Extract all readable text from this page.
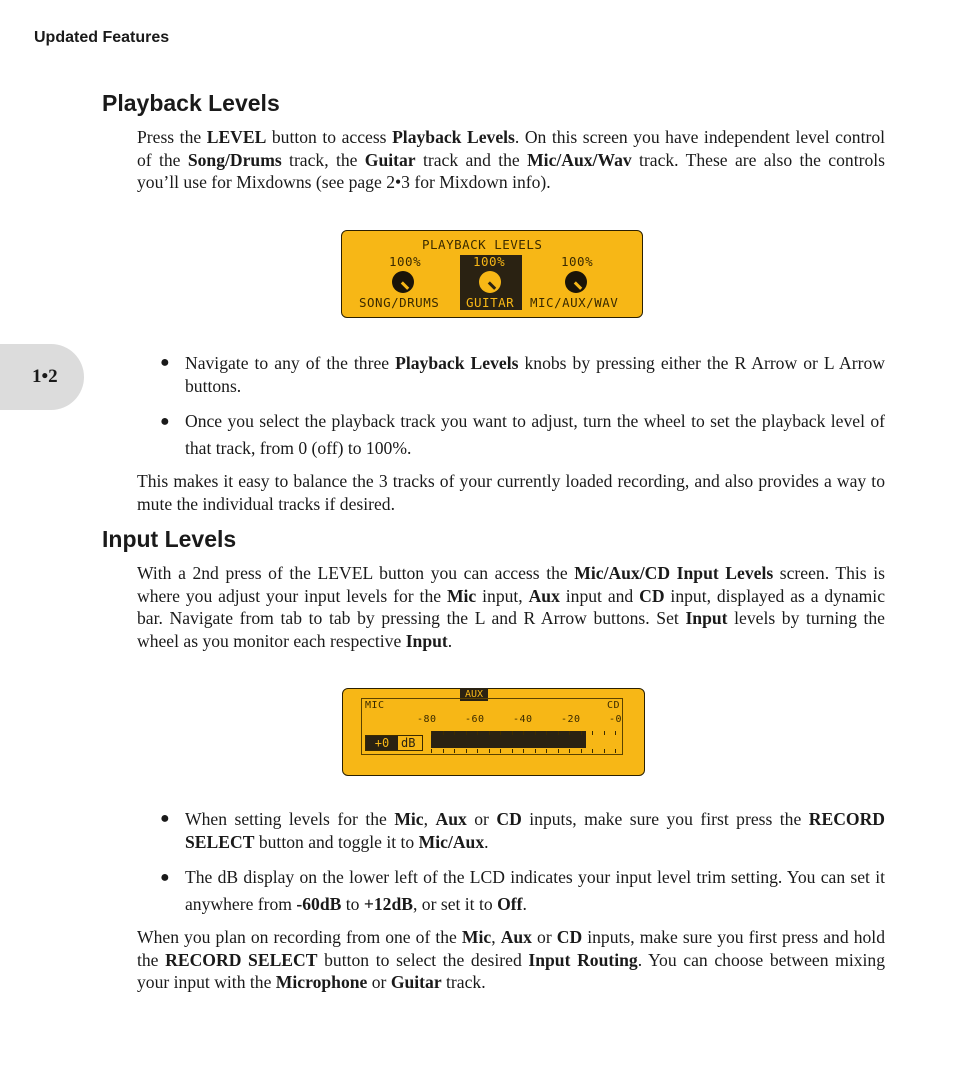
Updated Features
1•2
Playback Levels

Press the LEVEL button to access Playback Levels. On this screen you have independent level control of the Song/Drums track, the Guitar track and the Mic/Aux/Wav track. These are also the controls you’ll use for Mixdowns (see page 2•3 for Mixdown info).

PLAYBACK LEVELS
100%	100%	100%
SONG/DRUMS GUITAR MIC/AUX/WAV
● Navigate to any of the three Playback Levels knobs by pressing either the R Arrow or L Arrow buttons.
● Once you select the playback track you want to adjust, turn the wheel to set the playback level of that track, from 0 (off) to 100%.

This makes it easy to balance the 3 tracks of your currently loaded recording, and also provides a way to mute the individual tracks if desired.

Input Levels

With a 2nd press of the LEVEL button you can access the Mic/Aux/CD Input Levels screen. This is where you adjust your input levels for the Mic input, Aux input and CD input, displayed as a dynamic bar. Navigate from tab to tab by pressing the L and R Arrow buttons. Set Input levels by turning the wheel as you monitor each respective Input.

MIC
AUX
CD
-80	-60	-40	-20	-0
+0 dB
● When setting levels for the Mic, Aux or CD inputs, make sure you first press the RECORD SELECT button and toggle it to Mic/Aux.
● The dB display on the lower left of the LCD indicates your input level trim setting. You can set it anywhere from -60dB to +12dB, or set it to Off.

When you plan on recording from one of the Mic, Aux or CD inputs, make sure you first press and hold the RECORD SELECT button to select the desired Input Routing. You can choose between mixing your input with the Microphone or Guitar track.
